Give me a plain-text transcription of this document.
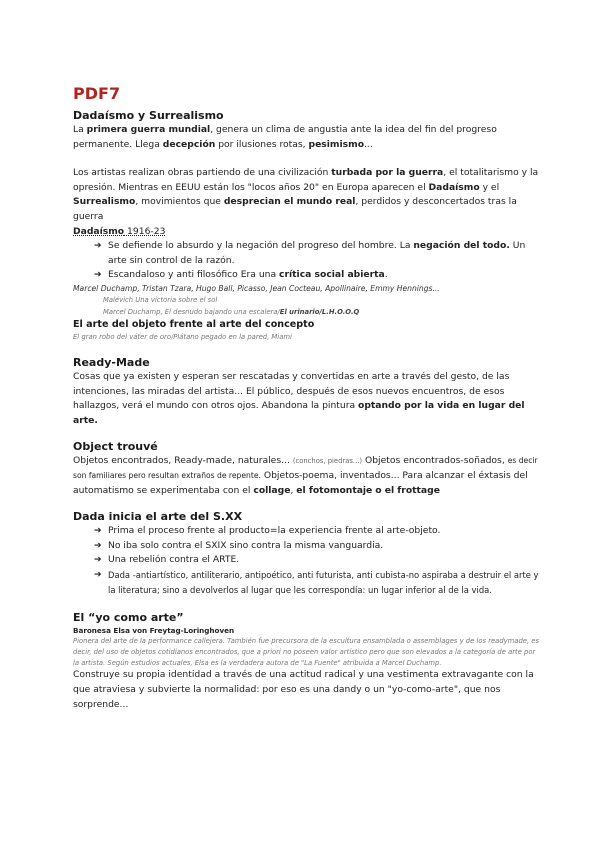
PDF7
Dadaísmo y Surrealismo

La primera guerra mundial, genera un clima de angustia ante la idea del fin del progreso permanente. Llega decepción por ilusiones rotas, pesimismo...

Los artistas realizan obras partiendo de una civilización turbada por la guerra, el totalitarismo y la opresión. Mientras en EEUU están los "locos años 20" en Europa aparecen el Dadaísmo y el Surrealismo, movimientos que desprecian el mundo real, perdidos y desconcertados tras la guerra

Dadaísmo 1916-23

➔ Se defiende lo absurdo y la negación del progreso del hombre. La negación del todo. Un arte sin control de la razón.
➔ Escandaloso y anti filosófico Era una crítica social abierta.

Marcel Duchamp, Tristan Tzara, Hugo Ball, Picasso, Jean Cocteau, Apollinaire, Emmy Hennings...

Malévich Una victoria sobre el sol

Marcel Duchamp, El desnudo bajando una escalera/El urinario/L.H.O.O.Q

El arte del objeto frente al arte del concepto

El gran robo del váter de oro/Plátano pegado en la pared, Miami

Ready-Made

Cosas que ya existen y esperan ser rescatadas y convertidas en arte a través del gesto, de las intenciones, las miradas del artista... El público, después de esos nuevos encuentros, de esos hallazgos, verá el mundo con otros ojos. Abandona la pintura optando por la vida en lugar del arte.

Object trouvé

Objetos encontrados, Ready-made, naturales... (conchos, piedras...) Objetos encontrados-soñados, es decir son familiares pero resultan extraños de repente. Objetos-poema, inventados... Para alcanzar el éxtasis del automatismo se experimentaba con el collage, el fotomontaje o el frottage

Dada inicia el arte del S.XX
➔ Prima el proceso frente al producto=la experiencia frente al arte-objeto.
➔ No iba solo contra el SXIX sino contra la misma vanguardia.
➔ Una rebelión contra el ARTE.
➔ Dada -antiartístico, antiliterario, antipoético, anti futurista, anti cubista-no aspiraba a destruir el arte y la literatura; sino a devolverlos al lugar que les correspondía: un lugar inferior al de la vida.
El “yo como arte”

Baronesa Elsa von Freytag-Loringhoven

Pionera del arte de la performance callejera. También fue precursora de la escultura ensamblada o assemblages y de los readymade, es decir, del uso de objetos cotidianos encontrados, que a priori no poseen valor artístico pero que son elevados a la categoría de arte por la artista. Según estudios actuales, Elsa es la verdadera autora de "La Fuente" atribuida a Marcel Duchamp.

Construye su propia identidad a través de una actitud radical y una vestimenta extravagante con la que atraviesa y subvierte la normalidad: por eso es una dandy o un "yo-como-arte", que nos sorprende...
